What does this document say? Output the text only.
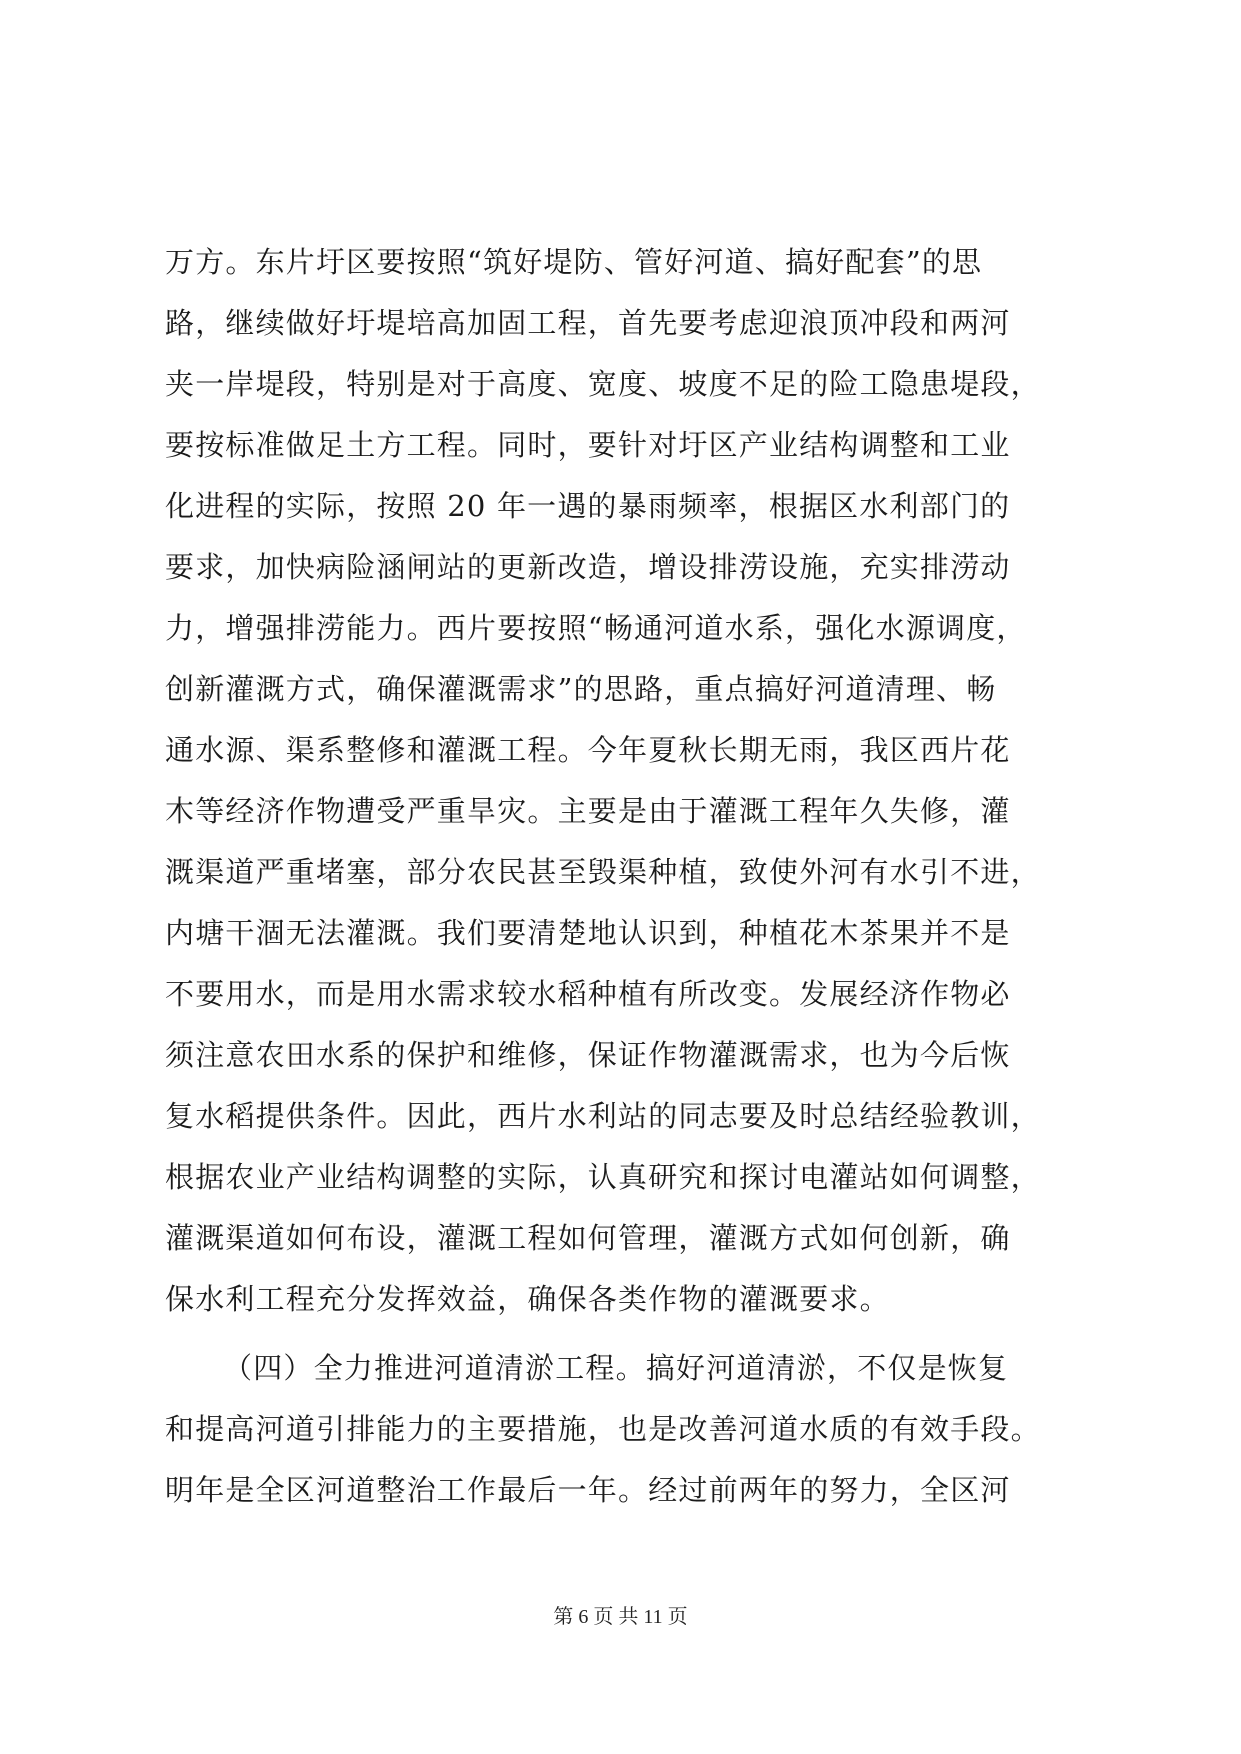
万方。东片圩区要按照“筑好堤防、管好河道、搞好配套”的思
路，继续做好圩堤培高加固工程，首先要考虑迎浪顶冲段和两河
夹一岸堤段，特别是对于高度、宽度、坡度不足的险工隐患堤段，
要按标准做足土方工程。同时，要针对圩区产业结构调整和工业
化进程的实际，按照 20 年一遇的暴雨频率，根据区水利部门的
要求，加快病险涵闸站的更新改造，增设排涝设施，充实排涝动
力，增强排涝能力。西片要按照“畅通河道水系，强化水源调度，
创新灌溉方式，确保灌溉需求”的思路，重点搞好河道清理、畅
通水源、渠系整修和灌溉工程。今年夏秋长期无雨，我区西片花
木等经济作物遭受严重旱灾。主要是由于灌溉工程年久失修，灌
溉渠道严重堵塞，部分农民甚至毁渠种植，致使外河有水引不进，
内塘干涸无法灌溉。我们要清楚地认识到，种植花木茶果并不是
不要用水，而是用水需求较水稻种植有所改变。发展经济作物必
须注意农田水系的保护和维修，保证作物灌溉需求，也为今后恢
复水稻提供条件。因此，西片水利站的同志要及时总结经验教训，
根据农业产业结构调整的实际，认真研究和探讨电灌站如何调整，
灌溉渠道如何布设，灌溉工程如何管理，灌溉方式如何创新，确
保水利工程充分发挥效益，确保各类作物的灌溉要求。
（四）全力推进河道清淤工程。搞好河道清淤，不仅是恢复
和提高河道引排能力的主要措施，也是改善河道水质的有效手段。
明年是全区河道整治工作最后一年。经过前两年的努力，全区河
第 6 页 共 11 页
